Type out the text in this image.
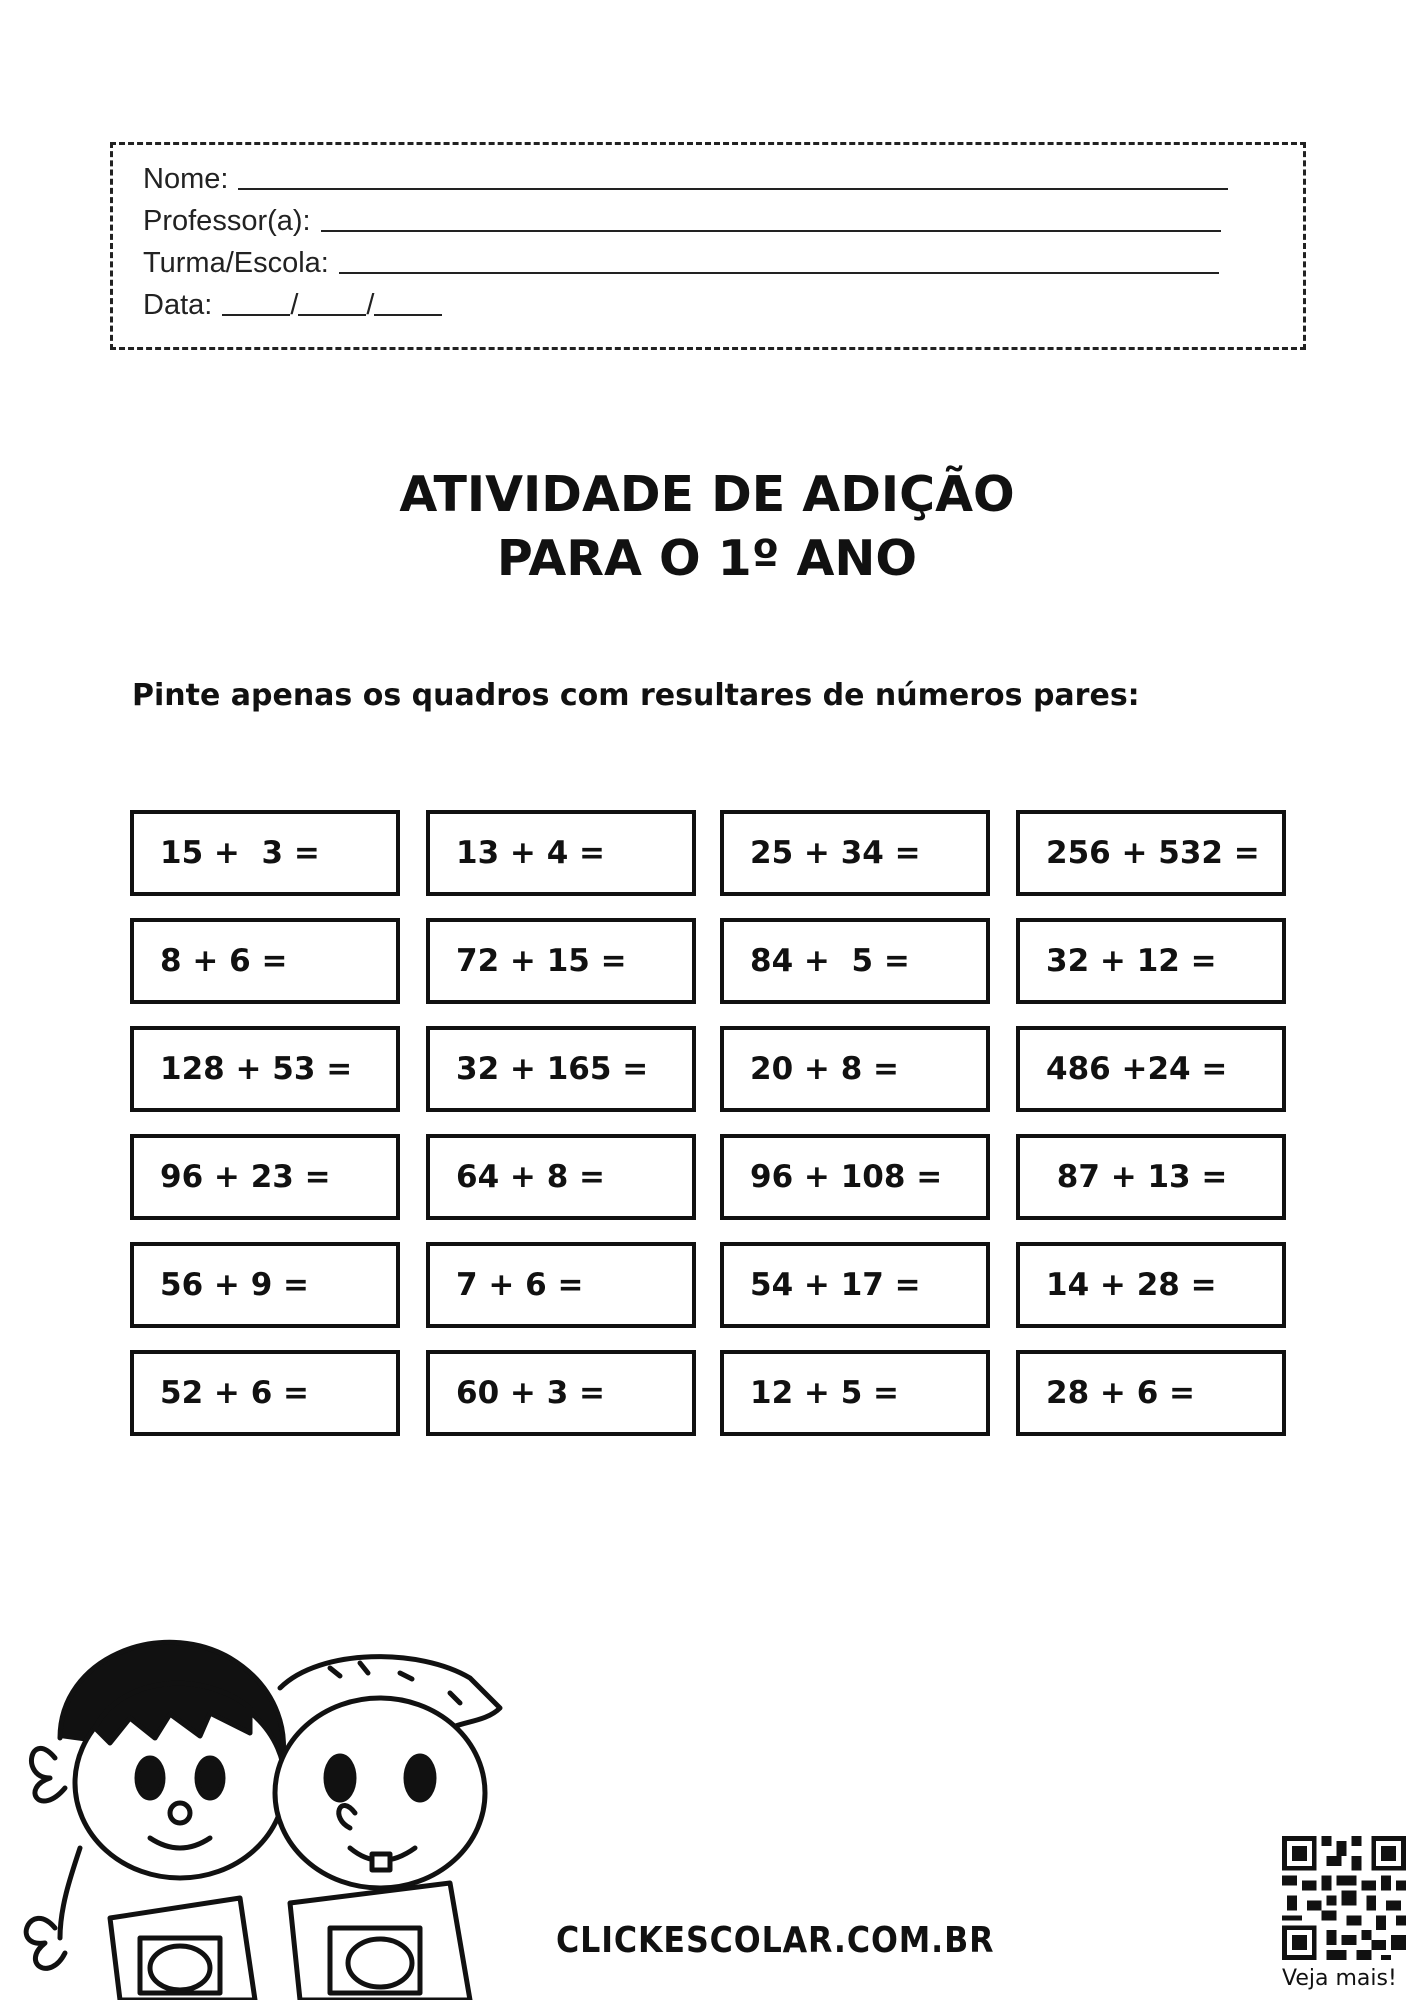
Nome:
Professor(a):
Turma/Escola:
Data:	/ /
ATIVIDADE DE ADIÇÃO
PARA O 1º ANO
Pinte apenas os quadros com resultares de números pares:
15 +  3 =	13 + 4 =	25 + 34 =	256 + 532 =
8 + 6 =	72 + 15 =	84 +  5 =	32 + 12 =
128 + 53 =	32 + 165 =	20 + 8 =	486 +24 =
96 + 23 =	64 + 8 =	96 + 108 =	87 + 13 =
56 + 9 =	7 + 6 =	54 + 17 =	14 + 28 =
52 + 6 =	60 + 3 =	12 + 5 =	28 + 6 =
CLICKESCOLAR.COM.BR
Veja mais!
